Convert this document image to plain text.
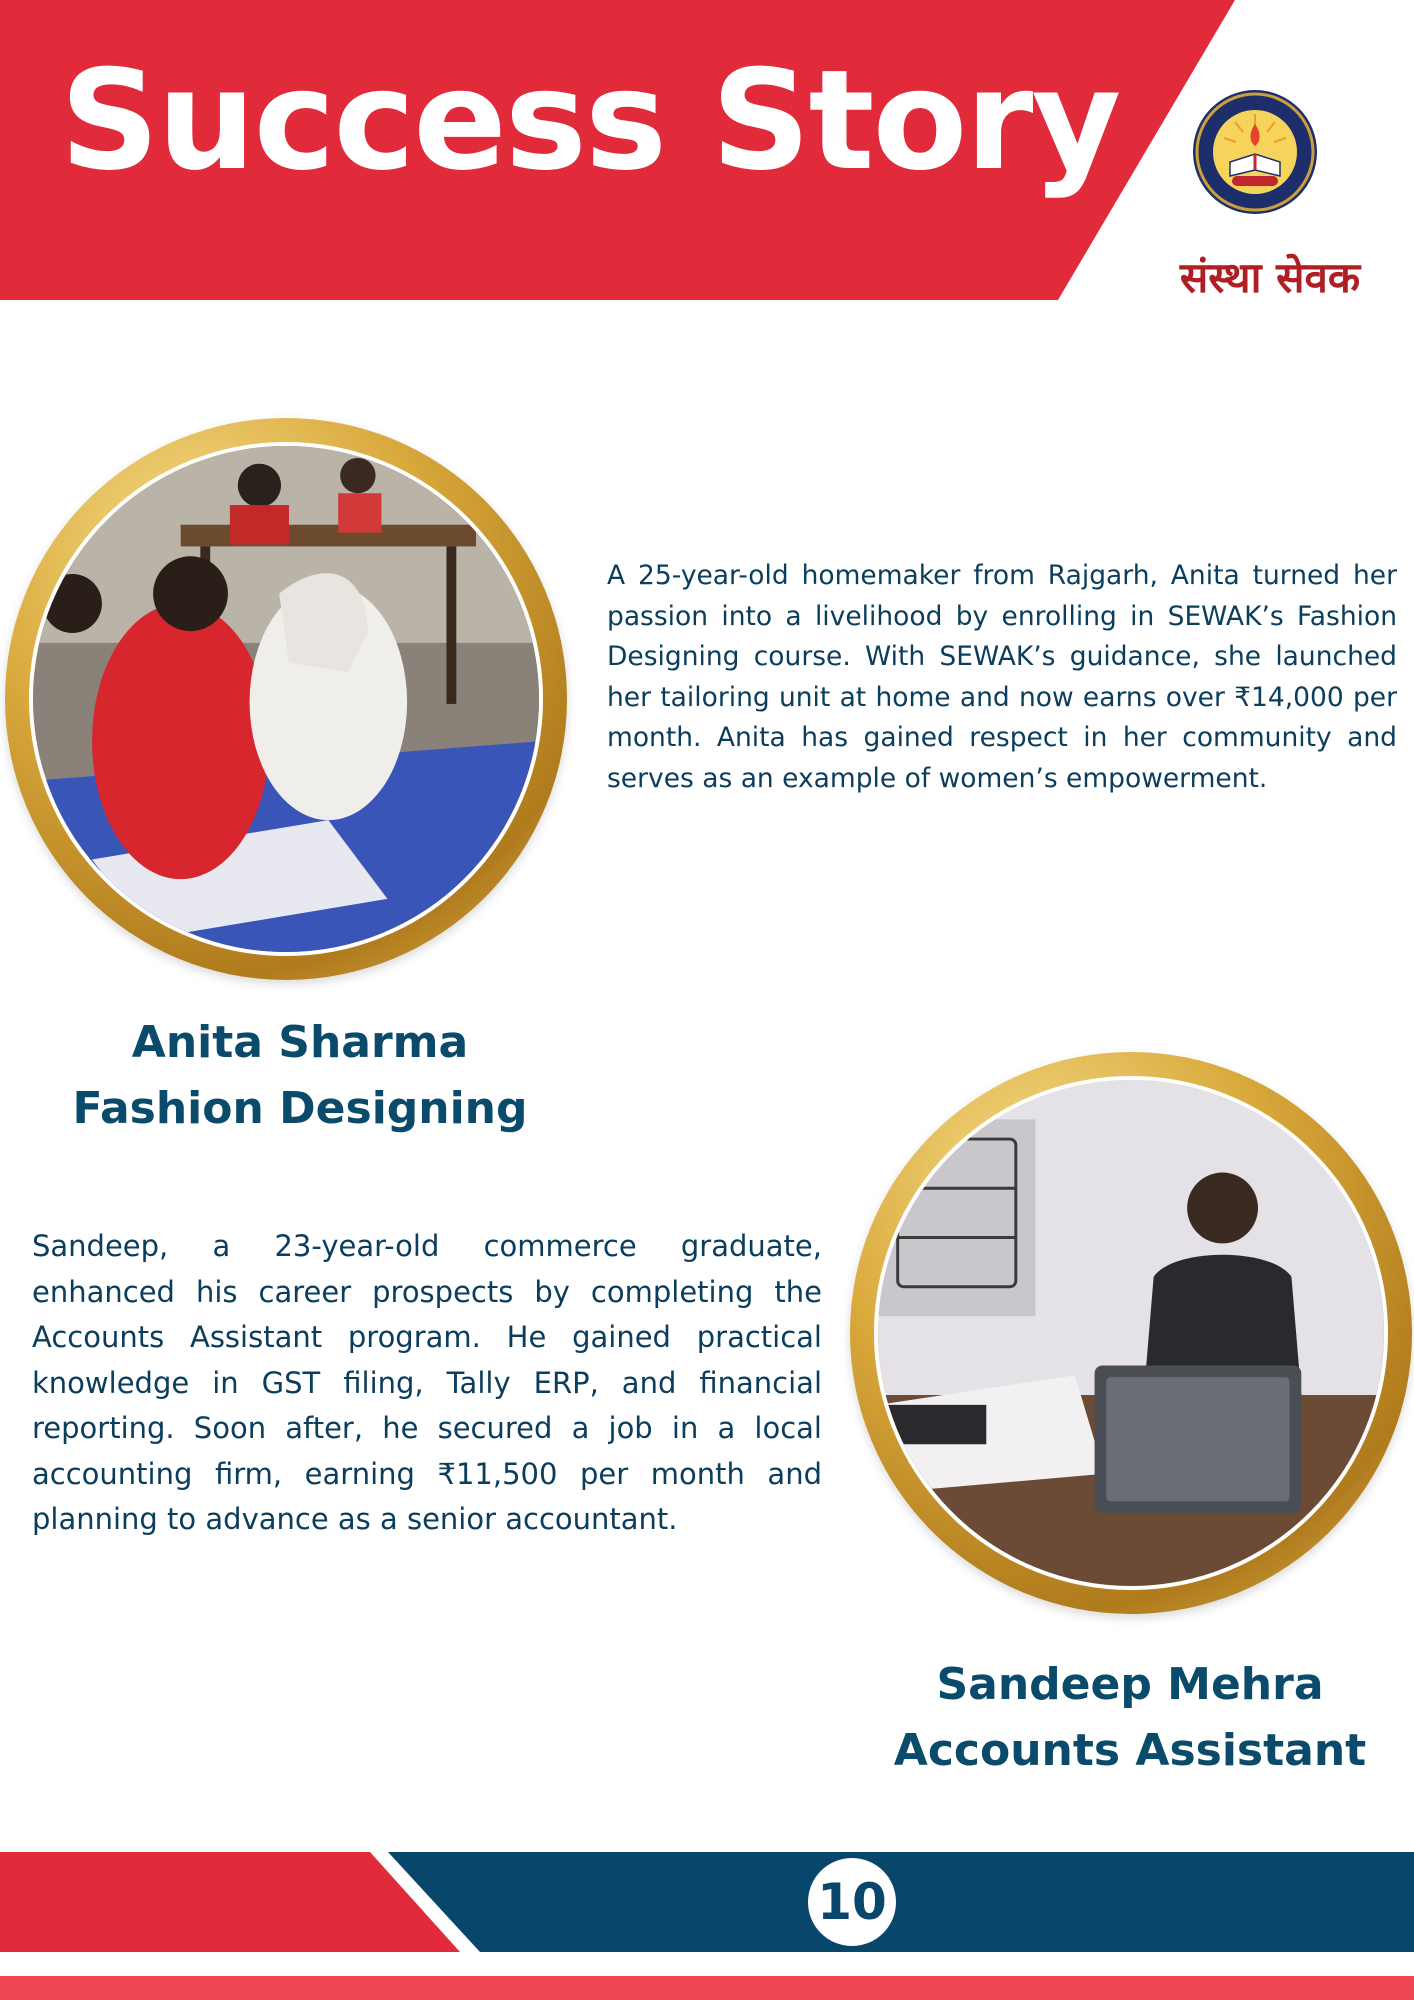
Success Story
संस्था सेवक

A 25-year-old homemaker from Rajgarh, Anita turned her passion into a livelihood by enrolling in SEWAK’s Fashion Designing course. With SEWAK’s guidance, she launched her tailoring unit at home and now earns over ₹14,000 per month. Anita has gained respect in her community and serves as an example of women’s empowerment.

Anita Sharma
Fashion Designing

Sandeep, a 23-year-old commerce graduate, enhanced his career prospects by completing the Accounts Assistant program. He gained practical knowledge in GST filing, Tally ERP, and financial reporting. Soon after, he secured a job in a local accounting firm, earning ₹11,500 per month and planning to advance as a senior accountant.

Sandeep Mehra
Accounts Assistant
10
